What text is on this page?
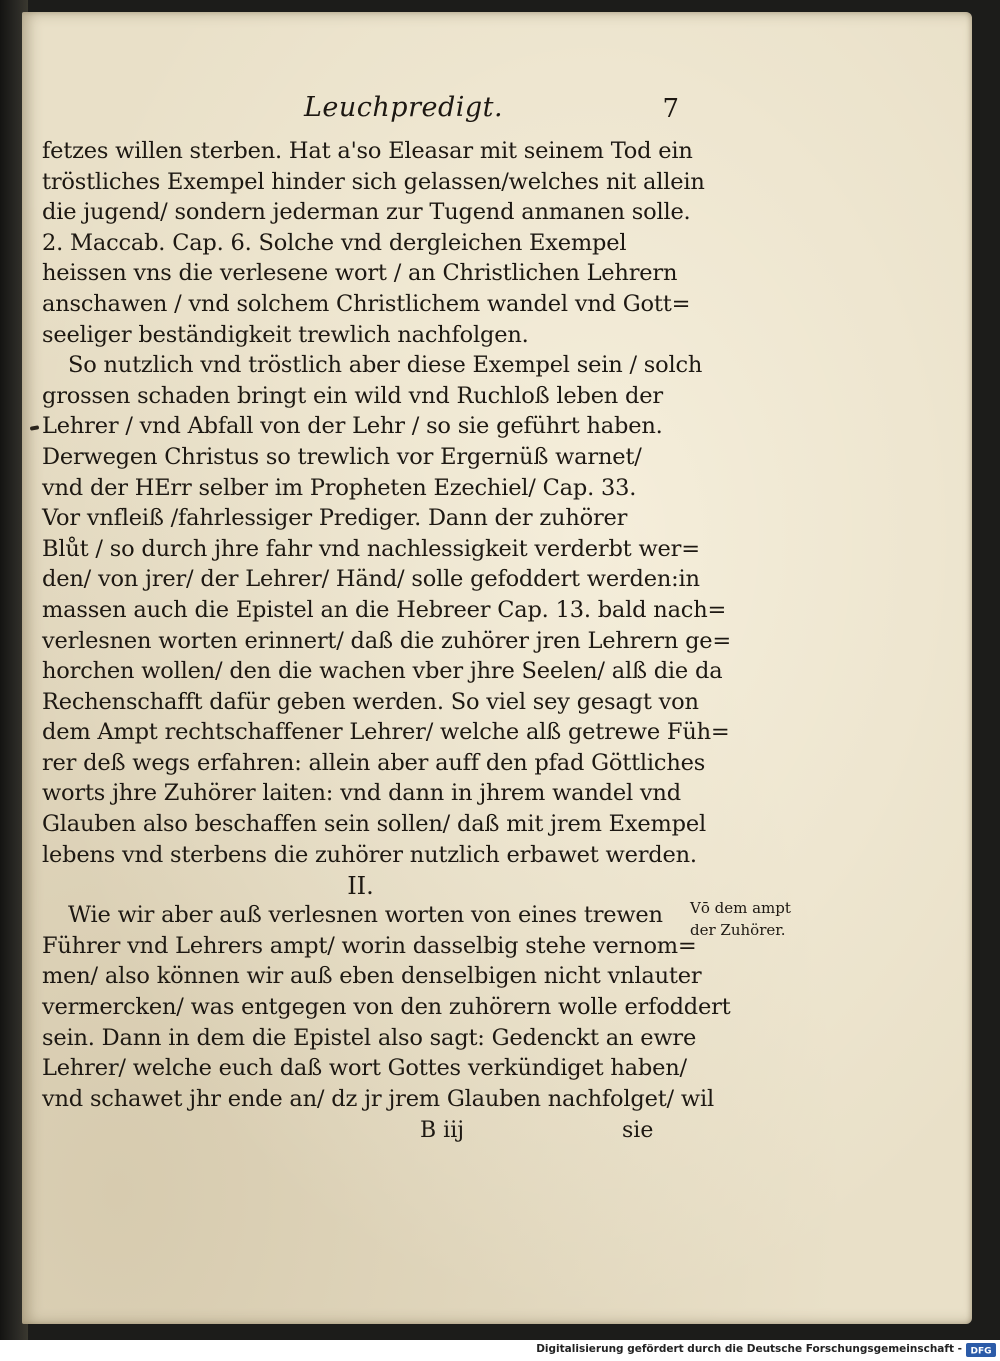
Leuchpredigt.	7
fetzes willen sterben. Hat a'so Eleasar mit seinem Tod ein
tröstliches Exempel hinder sich gelassen/welches nit allein
die jugend/ sondern jederman zur Tugend anmanen solle.
2. Maccab. Cap. 6. Solche vnd dergleichen Exempel
heissen vns die verlesene wort / an Christlichen Lehrern
anschawen / vnd solchem Christlichem wandel vnd Gott=
seeliger beständigkeit trewlich nachfolgen.
So nutzlich vnd tröstlich aber diese Exempel sein / solch
grossen schaden bringt ein wild vnd Ruchloß leben der
Lehrer / vnd Abfall von der Lehr / so sie geführt haben.
Derwegen Christus so trewlich vor Ergernüß warnet/
vnd der HErr selber im Propheten Ezechiel/ Cap. 33.
Vor vnfleiß /fahrlessiger Prediger. Dann der zuhörer
Blůt / so durch jhre fahr vnd nachlessigkeit verderbt wer=
den/ von jrer/ der Lehrer/ Händ/ solle gefoddert werden:in
massen auch die Epistel an die Hebreer Cap. 13. bald nach=
verlesnen worten erinnert/ daß die zuhörer jren Lehrern ge=
horchen wollen/ den die wachen vber jhre Seelen/ alß die da
Rechenschafft dafür geben werden. So viel sey gesagt von
dem Ampt rechtschaffener Lehrer/ welche alß getrewe Füh=
rer deß wegs erfahren: allein aber auff den pfad Göttliches
worts jhre Zuhörer laiten: vnd dann in jhrem wandel vnd
Glauben also beschaffen sein sollen/ daß mit jrem Exempel
lebens vnd sterbens die zuhörer nutzlich erbawet werden.
II.
Wie wir aber auß verlesnen worten von eines trewen
Führer vnd Lehrers ampt/ worin dasselbig stehe vernom=
men/ also können wir auß eben denselbigen nicht vnlauter
vermercken/ was entgegen von den zuhörern wolle erfoddert
sein. Dann in dem die Epistel also sagt: Gedenckt an ewre
Lehrer/ welche euch daß wort Gottes verkündiget haben/
vnd schawet jhr ende an/ dz jr jrem Glauben nachfolget/ wil
B iij	sie
Vō dem ampt
der Zuhörer.
Digitalisierung gefördert durch die Deutsche Forschungsgemeinschaft - DFG
